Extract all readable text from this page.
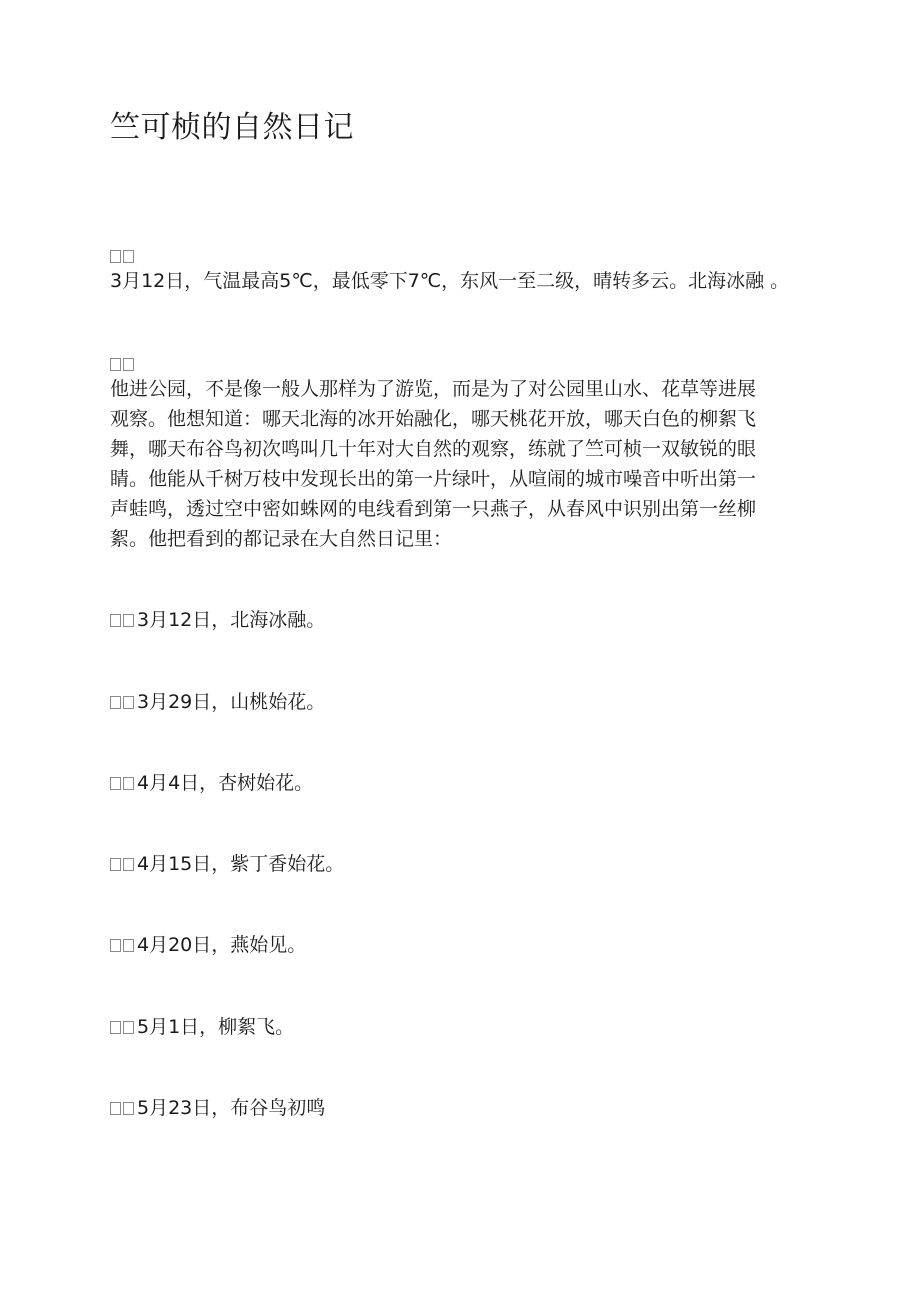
竺可桢的自然日记

3月12日，气温最高5℃，最低零下7℃，东风一至二级，晴转多云。北海冰融 。

他进公园，不是像一般人那样为了游览，而是为了对公园里山水、花草等进展
观察。他想知道：哪天北海的冰开始融化，哪天桃花开放，哪天白色的柳絮飞
舞，哪天布谷鸟初次鸣叫几十年对大自然的观察，练就了竺可桢一双敏锐的眼
睛。他能从千树万枝中发现长出的第一片绿叶，从喧闹的城市噪音中听出第一
声蛙鸣，透过空中密如蛛网的电线看到第一只燕子，从春风中识别出第一丝柳
絮。他把看到的都记录在大自然日记里：

3月12日，北海冰融。
3月29日，山桃始花。
4月4日，杏树始花。
4月15日，紫丁香始花。
4月20日，燕始见。
5月1日，柳絮飞。
5月23日，布谷鸟初鸣
